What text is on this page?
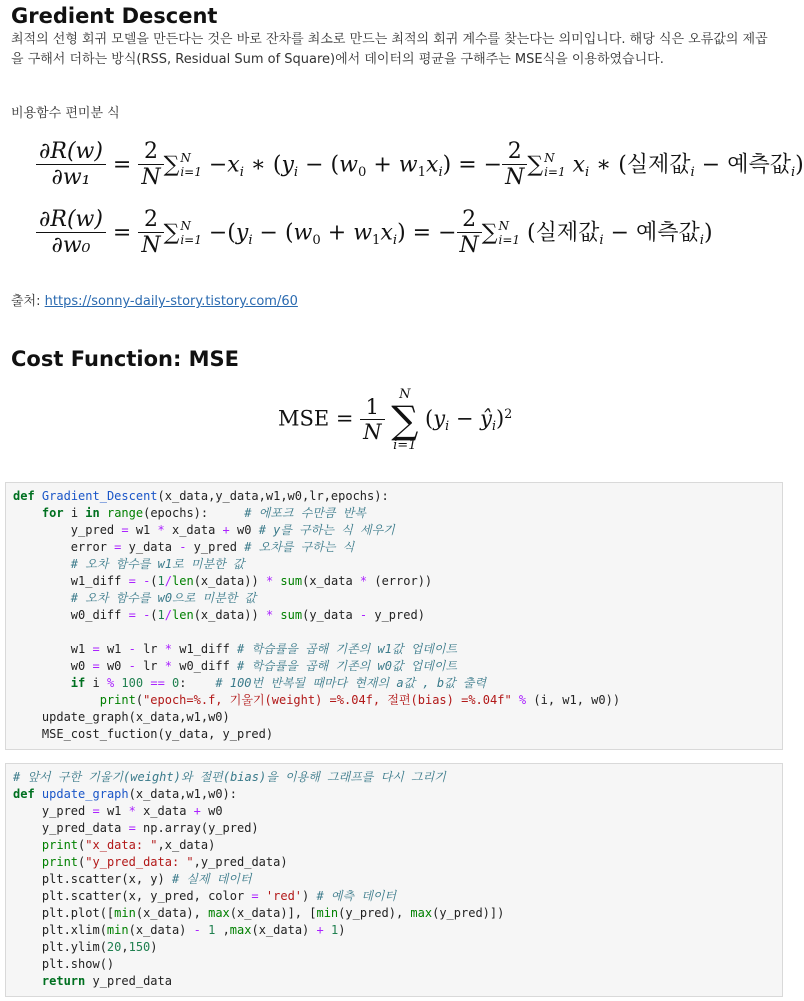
Gredient Descent
최적의 선형 회귀 모델을 만든다는 것은 바로 잔차를 최소로 만드는 최적의 회귀 계수를 찾는다는 의미입니다. 해당 식은 오류값의 제곱을 구해서 더하는 방식(RSS, Residual Sum of Square)에서 데이터의 평균을 구해주는 MSE식을 이용하였습니다.
비용함수 편미분 식
$\frac{\partial R(w)}{\text{∂w₁}} = \frac{2}{N}$ ∑ N
$i=1 -x_i$ ∗ ($y_i - (w_0 + w_1x_i)$ = − $\frac{2}{N}$ ∑ N
i=1 $x_i$ ∗ (실제값$_i$ − 예측값$_i$)
$\frac{\partial R(w)}{\text{∂w₀}} = \frac{2}{N}$ ∑ N
$i=1 -(y_i - (w_0 + w_1x_i)$ = − $\frac{2}{N}$ ∑ N
i=1 (실제값$_i$ − 예측값$_i$)
출처: https://sonny-daily-story.tistory.com/60
Cost Function: MSE
MSE = $\frac{1}{N}$

N
∑
i=1
($y_i$ − $ŷ_i)^2$
def Gradient_Descent(x_data,y_data,w1,w0,lr,epochs):
for i in range(epochs):     # 에포크 수만큼 반복
y_pred = w1 * x_data + w0 # y를 구하는 식 세우기
error = y_data - y_pred # 오차를 구하는 식
# 오차 함수를 w1로 미분한 값
w1_diff = -(1/len(x_data)) * sum(x_data * (error))
# 오차 함수를 w0으로 미분한 값
w0_diff = -(1/len(x_data)) * sum(y_data - y_pred)
w1 = w1 - lr * w1_diff # 학습률을 곱해 기존의 w1값 업데이트
w0 = w0 - lr * w0_diff # 학습률을 곱해 기존의 w0값 업데이트
if i % 100 == 0:    # 100번 반복될 때마다 현재의 a값 , b값 출력
print("epoch=%.f, 기울기(weight) =%.04f, 절편(bias) =%.04f" % (i, w1, w0))
update_graph(x_data,w1,w0)
MSE_cost_fuction(y_data, y_pred)
# 앞서 구한 기울기(weight)와 절편(bias)을 이용해 그래프를 다시 그리기
def update_graph(x_data,w1,w0):
y_pred = w1 * x_data + w0
y_pred_data = np.array(y_pred)
print("x_data: ",x_data)
print("y_pred_data: ",y_pred_data)
plt.scatter(x, y) # 실제 데이터
plt.scatter(x, y_pred, color = 'red') # 예측 데이터
plt.plot([min(x_data), max(x_data)], [min(y_pred), max(y_pred)])
plt.xlim(min(x_data) - 1 ,max(x_data) + 1)
plt.ylim(20,150)
plt.show()
return y_pred_data
